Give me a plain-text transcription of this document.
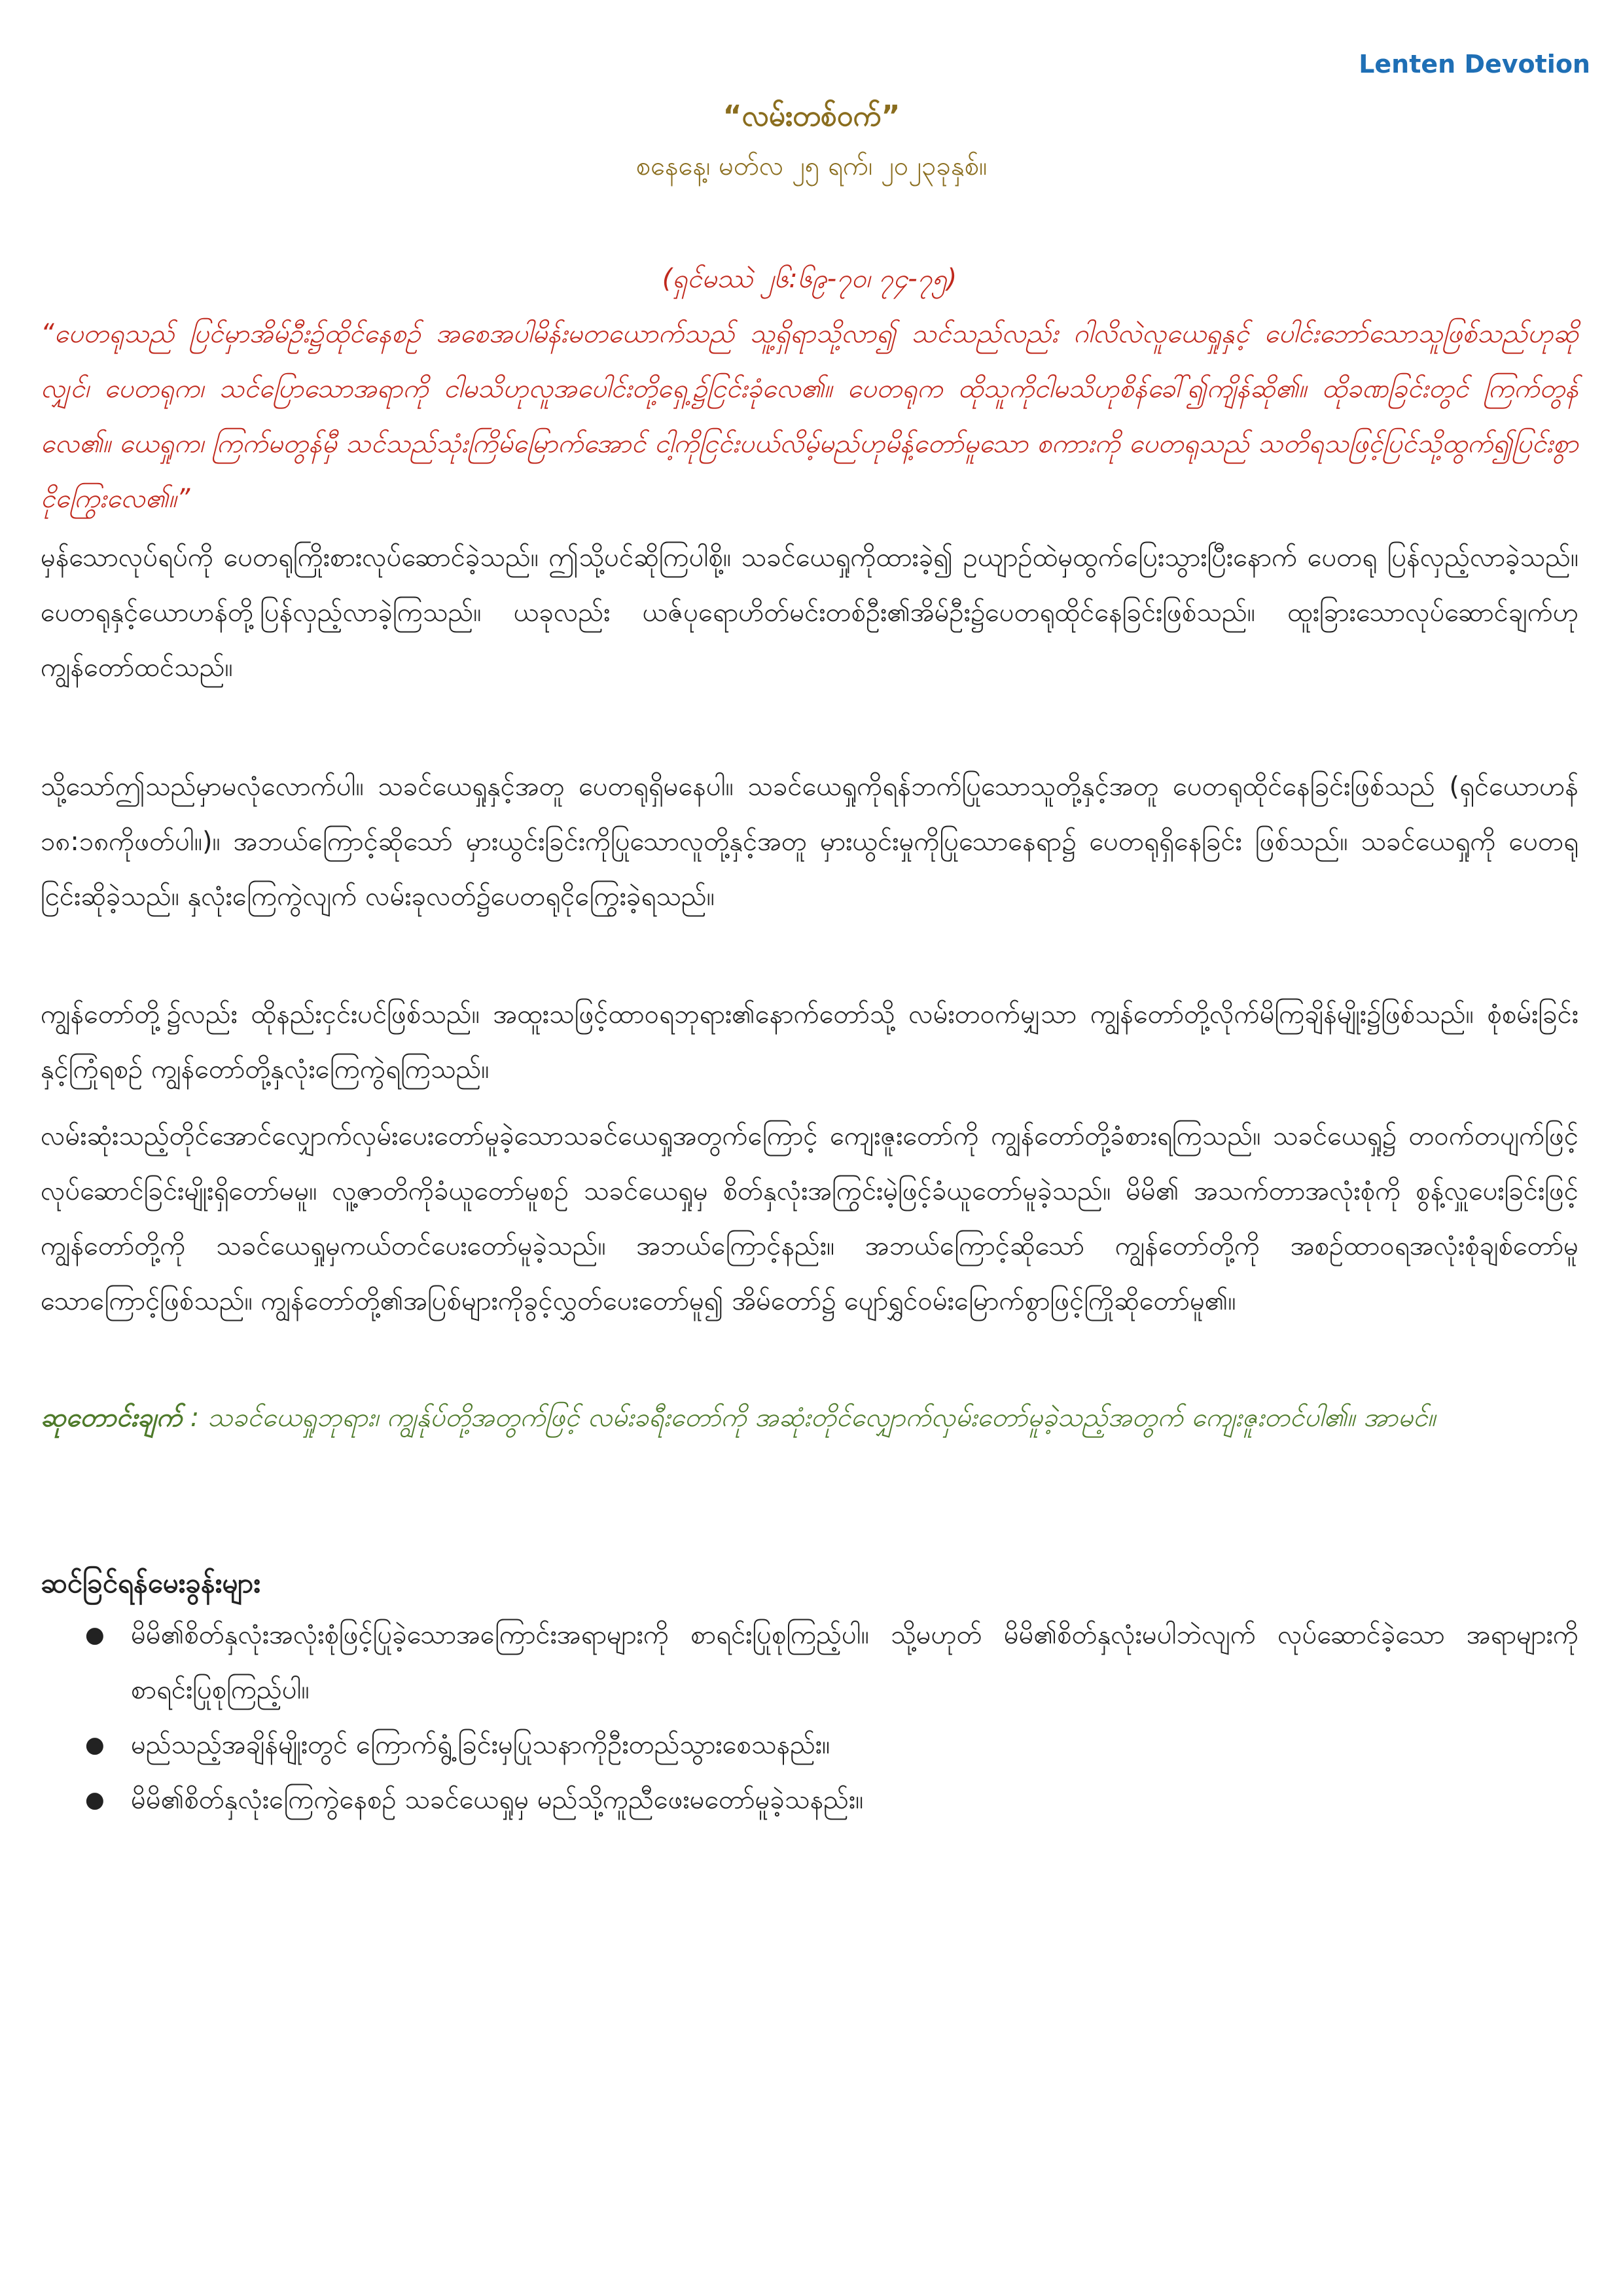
Lenten Devotion
“လမ်းတစ်ဝက်”
စနေနေ့၊ မတ်လ ၂၅ ရက်၊ ၂၀၂၃ခုနှစ်။
(ရှင်မဿဲ ၂၆:၆၉-၇၀၊ ၇၄-၇၅)
“ပေတရုသည် ပြင်မှာအိမ်ဦး၌ထိုင်နေစဉ် အစေအပါမိန်းမတယောက်သည် သူ့ရှိရာသို့လာ၍ သင်သည်လည်း ဂါလိလဲလူယေရှုနှင့် ပေါင်းဘော်သောသူဖြစ်သည်ဟုဆိုလျှင်၊ ပေတရုက၊ သင်ပြောသောအရာကို ငါမသိဟုလူအပေါင်းတို့ရှေ့၌ငြင်းခုံလေ၏။ ပေတရုက ထိုသူကိုငါမသိဟုစိန်ခေါ်၍ကျိန်ဆို၏။ ထိုခဏခြင်းတွင် ကြက်တွန်လေ၏။ ယေရှုက၊ ကြက်မတွန်မှီ သင်သည်သုံးကြိမ်မြောက်အောင် ငါ့ကိုငြင်းပယ်လိမ့်မည်ဟုမိန့်တော်မူသော စကားကို ပေတရုသည် သတိရသဖြင့်ပြင်သို့ထွက်၍ပြင်းစွာငိုကြွေးလေ၏။”
မှန်သောလုပ်ရပ်ကို ပေတရုကြိုးစားလုပ်ဆောင်ခဲ့သည်။ ဤသို့ပင်ဆိုကြပါစို့။ သခင်ယေရှုကိုထားခဲ့၍ ဥယျာဉ်ထဲမှထွက်ပြေးသွားပြီးနောက် ပေတရု ပြန်လှည့်လာခဲ့သည်။ ပေတရုနှင့်ယောဟန်တို့ပြန်လှည့်လာခဲ့ကြသည်။ ယခုလည်း ယဇ်ပုရောဟိတ်မင်းတစ်ဦး၏အိမ်ဦး၌ပေတရုထိုင်နေခြင်းဖြစ်သည်။ ထူးခြားသောလုပ်ဆောင်ချက်ဟု ကျွန်တော်ထင်သည်။
သို့သော်ဤသည်မှာမလုံလောက်ပါ။ သခင်ယေရှုနှင့်အတူ ပေတရုရှိမနေပါ။ သခင်ယေရှုကိုရန်ဘက်ပြုသောသူတို့နှင့်အတူ ပေတရုထိုင်နေခြင်းဖြစ်သည် (ရှင်ယောဟန် ၁၈:၁၈ကိုဖတ်ပါ။)။ အဘယ်ကြောင့်ဆိုသော် မှားယွင်းခြင်းကိုပြုသောလူတို့နှင့်အတူ မှားယွင်းမှုကိုပြုသောနေရာ၌ ပေတရုရှိနေခြင်း ဖြစ်သည်။ သခင်ယေရှုကို ပေတရုငြင်းဆိုခဲ့သည်။ နှလုံးကြေကွဲလျက် လမ်းခုလတ်၌ပေတရုငိုကြွေးခဲ့ရသည်။
ကျွန်တော်တို့၌လည်း ထိုနည်းငှင်းပင်ဖြစ်သည်။ အထူးသဖြင့်ထာဝရဘုရား၏နောက်တော်သို့ လမ်းတဝက်မျှသာ ကျွန်တော်တို့လိုက်မိကြချိန်မျိုး၌ဖြစ်သည်။ စုံစမ်းခြင်းနှင့်ကြုံရစဉ် ကျွန်တော်တို့နှလုံးကြေကွဲရကြသည်။
လမ်းဆုံးသည့်တိုင်အောင်လျှောက်လှမ်းပေးတော်မူခဲ့သောသခင်ယေရှုအတွက်ကြောင့် ကျေးဇူးတော်ကို ကျွန်တော်တို့ခံစားရကြသည်။ သခင်ယေရှု၌ တဝက်တပျက်ဖြင့်လုပ်ဆောင်ခြင်းမျိုးရှိတော်မမူ။ လူ့ဇာတိကိုခံယူတော်မူစဉ် သခင်ယေရှုမှ စိတ်နှလုံးအကြွင်းမဲ့ဖြင့်ခံယူတော်မူခဲ့သည်။ မိမိ၏ အသက်တာအလုံးစုံကို စွန့်လှူပေးခြင်းဖြင့် ကျွန်တော်တို့ကို သခင်ယေရှုမှကယ်တင်ပေးတော်မူခဲ့သည်။ အဘယ်ကြောင့်နည်း။ အဘယ်ကြောင့်ဆိုသော် ကျွန်တော်တို့ကို အစဉ်ထာဝရအလုံးစုံချစ်တော်မူသောကြောင့်ဖြစ်သည်။ ကျွန်တော်တို့၏အပြစ်များကိုခွင့်လွှတ်ပေးတော်မူ၍ အိမ်တော်၌ ပျော်ရွှင်ဝမ်းမြောက်စွာဖြင့်ကြိုဆိုတော်မူ၏။
ဆုတောင်းချက် : သခင်ယေရှုဘုရား၊ ကျွန်ုပ်တို့အတွက်ဖြင့် လမ်းခရီးတော်ကို အဆုံးတိုင်လျှောက်လှမ်းတော်မူခဲ့သည့်အတွက် ကျေးဇူးတင်ပါ၏။ အာမင်။
ဆင်ခြင်ရန်မေးခွန်းများ
● မိမိ၏စိတ်နှလုံးအလုံးစုံဖြင့်ပြုခဲ့သောအကြောင်းအရာများကို စာရင်းပြုစုကြည့်ပါ။ သို့မဟုတ် မိမိ၏စိတ်နှလုံးမပါဘဲလျက် လုပ်ဆောင်ခဲ့သော အရာများကို စာရင်းပြုစုကြည့်ပါ။
● မည်သည့်အချိန်မျိုးတွင် ကြောက်ရွံ့ခြင်းမှပြုသနာကိုဦးတည်သွားစေသနည်း။
● မိမိ၏စိတ်နှလုံးကြေကွဲနေစဉ် သခင်ယေရှုမှ မည်သို့ကူညီဖေးမတော်မူခဲ့သနည်း။
